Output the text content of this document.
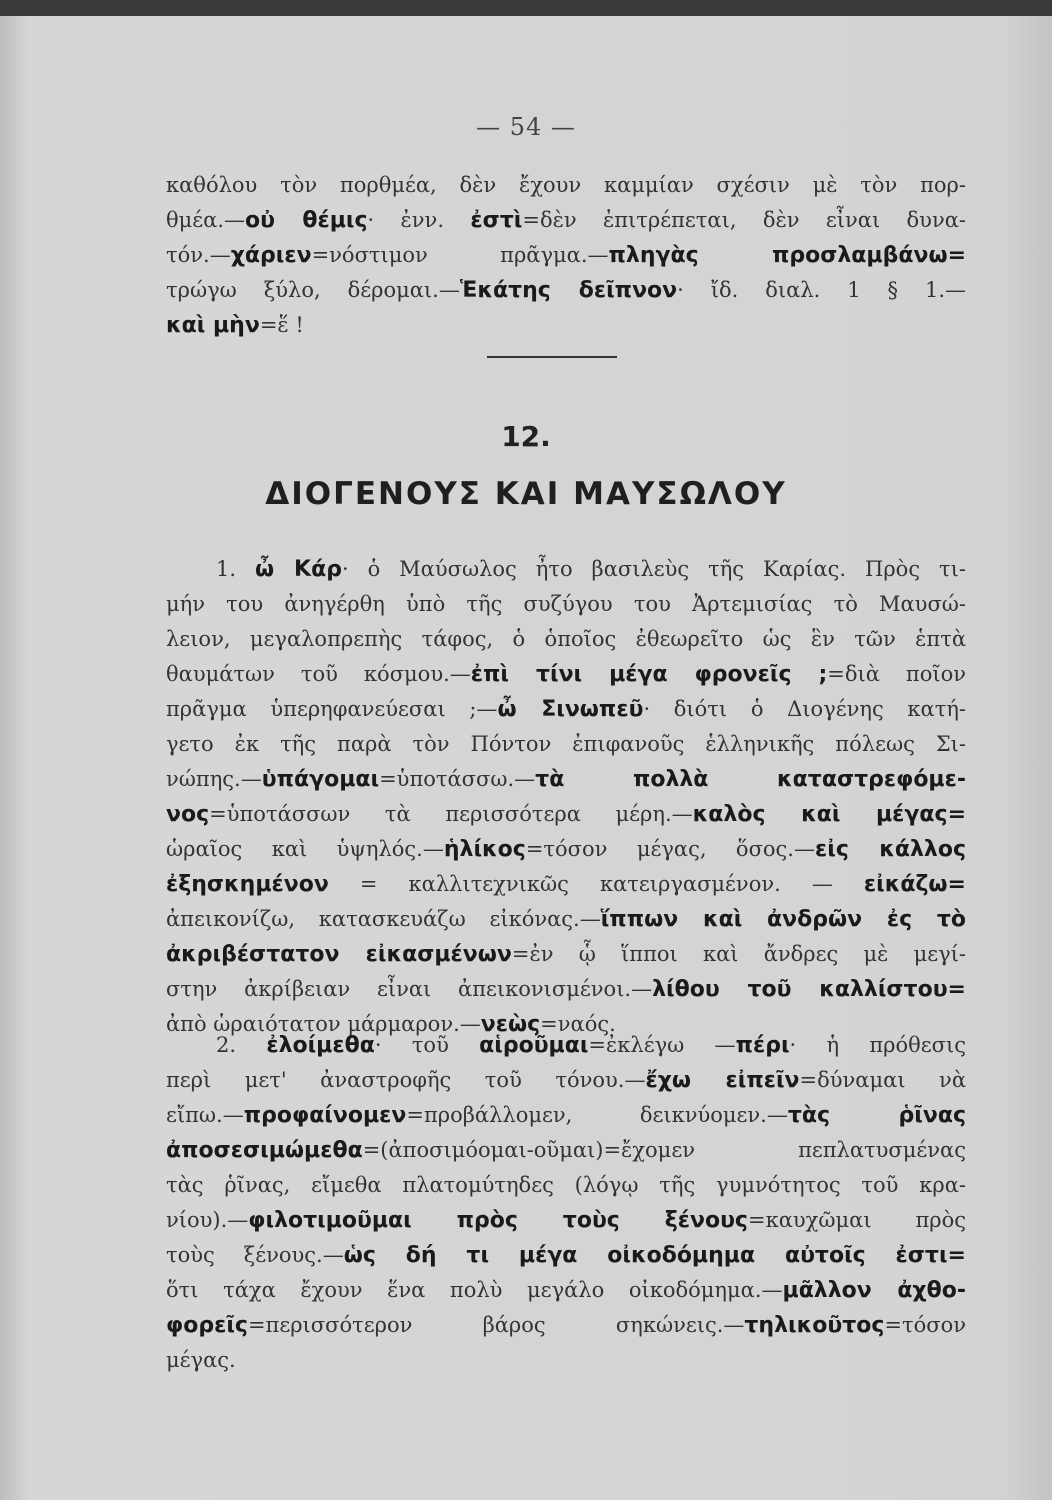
— 54 —
καθόλου τὸν πορθμέα, δὲν ἔχουν καμμίαν σχέσιν μὲ τὸν πορ-
θμέα.—οὐ θέμις· ἐνν. ἐστὶ=δὲν ἐπιτρέπεται, δὲν εἶναι δυνα-
τόν.—χάριεν=νόστιμον πρᾶγμα.—πληγὰς προσλαμβάνω=
τρώγω ξύλο, δέρομαι.—Ἑκάτης δεῖπνον· ἴδ. διαλ. 1 § 1.—
καὶ μὴν=ἕ !
12.
ΔΙΟΓΕΝΟΥΣ ΚΑΙ ΜΑΥΣΩΛΟΥ
1. ὦ Κάρ· ὁ Μαύσωλος ἦτο βασιλεὺς τῆς Καρίας. Πρὸς τι-
μήν του ἀνηγέρθη ὑπὸ τῆς συζύγου του Ἀρτεμισίας τὸ Μαυσώ-
λειον, μεγαλοπρεπὴς τάφος, ὁ ὁποῖος ἐθεωρεῖτο ὡς ἓν τῶν ἑπτὰ
θαυμάτων τοῦ κόσμου.—ἐπὶ τίνι μέγα φρονεῖς ;=διὰ ποῖον
πρᾶγμα ὑπερηφανεύεσαι ;—ὦ Σινωπεῦ· διότι ὁ Διογένης κατή-
γετο ἐκ τῆς παρὰ τὸν Πόντον ἐπιφανοῦς ἑλληνικῆς πόλεως Σι-
νώπης.—ὑπάγομαι=ὑποτάσσω.—τὰ πολλὰ καταστρεφόμε-
νος=ὑποτάσσων τὰ περισσότερα μέρη.—καλὸς καὶ μέγας=
ὡραῖος καὶ ὑψηλός.—ἡλίκος=τόσον μέγας, ὅσος.—εἰς κάλλος
ἐξησκημένον = καλλιτεχνικῶς κατειργασμένον. — εἰκάζω=
ἀπεικονίζω, κατασκευάζω εἰκόνας.—ἵππων καὶ ἀνδρῶν ἐς τὸ
ἀκριβέστατον εἰκασμένων=ἐν ᾧ ἵπποι καὶ ἄνδρες μὲ μεγί-
στην ἀκρίβειαν εἶναι ἀπεικονισμένοι.—λίθου τοῦ καλλίστου=
ἀπὸ ὡραιότατον μάρμαρον.—νεὼς=ναός.
2. ἐλοίμεθα· τοῦ αἱροῦμαι=ἐκλέγω —πέρι· ἡ πρόθεσις
περὶ μετ' ἀναστροφῆς τοῦ τόνου.—ἔχω εἰπεῖν=δύναμαι νὰ
εἴπω.—προφαίνομεν=προβάλλομεν, δεικνύομεν.—τὰς ῥῖνας
ἀποσεσιμώμεθα=(ἀποσιμόομαι-οῦμαι)=ἔχομεν πεπλατυσμένας
τὰς ῥῖνας, εἴμεθα πλατομύτηδες (λόγῳ τῆς γυμνότητος τοῦ κρα-
νίου).—φιλοτιμοῦμαι πρὸς τοὺς ξένους=καυχῶμαι πρὸς
τοὺς ξένους.—ὡς δή τι μέγα οἰκοδόμημα αὐτοῖς ἐστι=
ὅτι τάχα ἔχουν ἕνα πολὺ μεγάλο οἰκοδόμημα.—μᾶλλον ἀχθο-
φορεῖς=περισσότερον βάρος σηκώνεις.—τηλικοῦτος=τόσον
μέγας.
